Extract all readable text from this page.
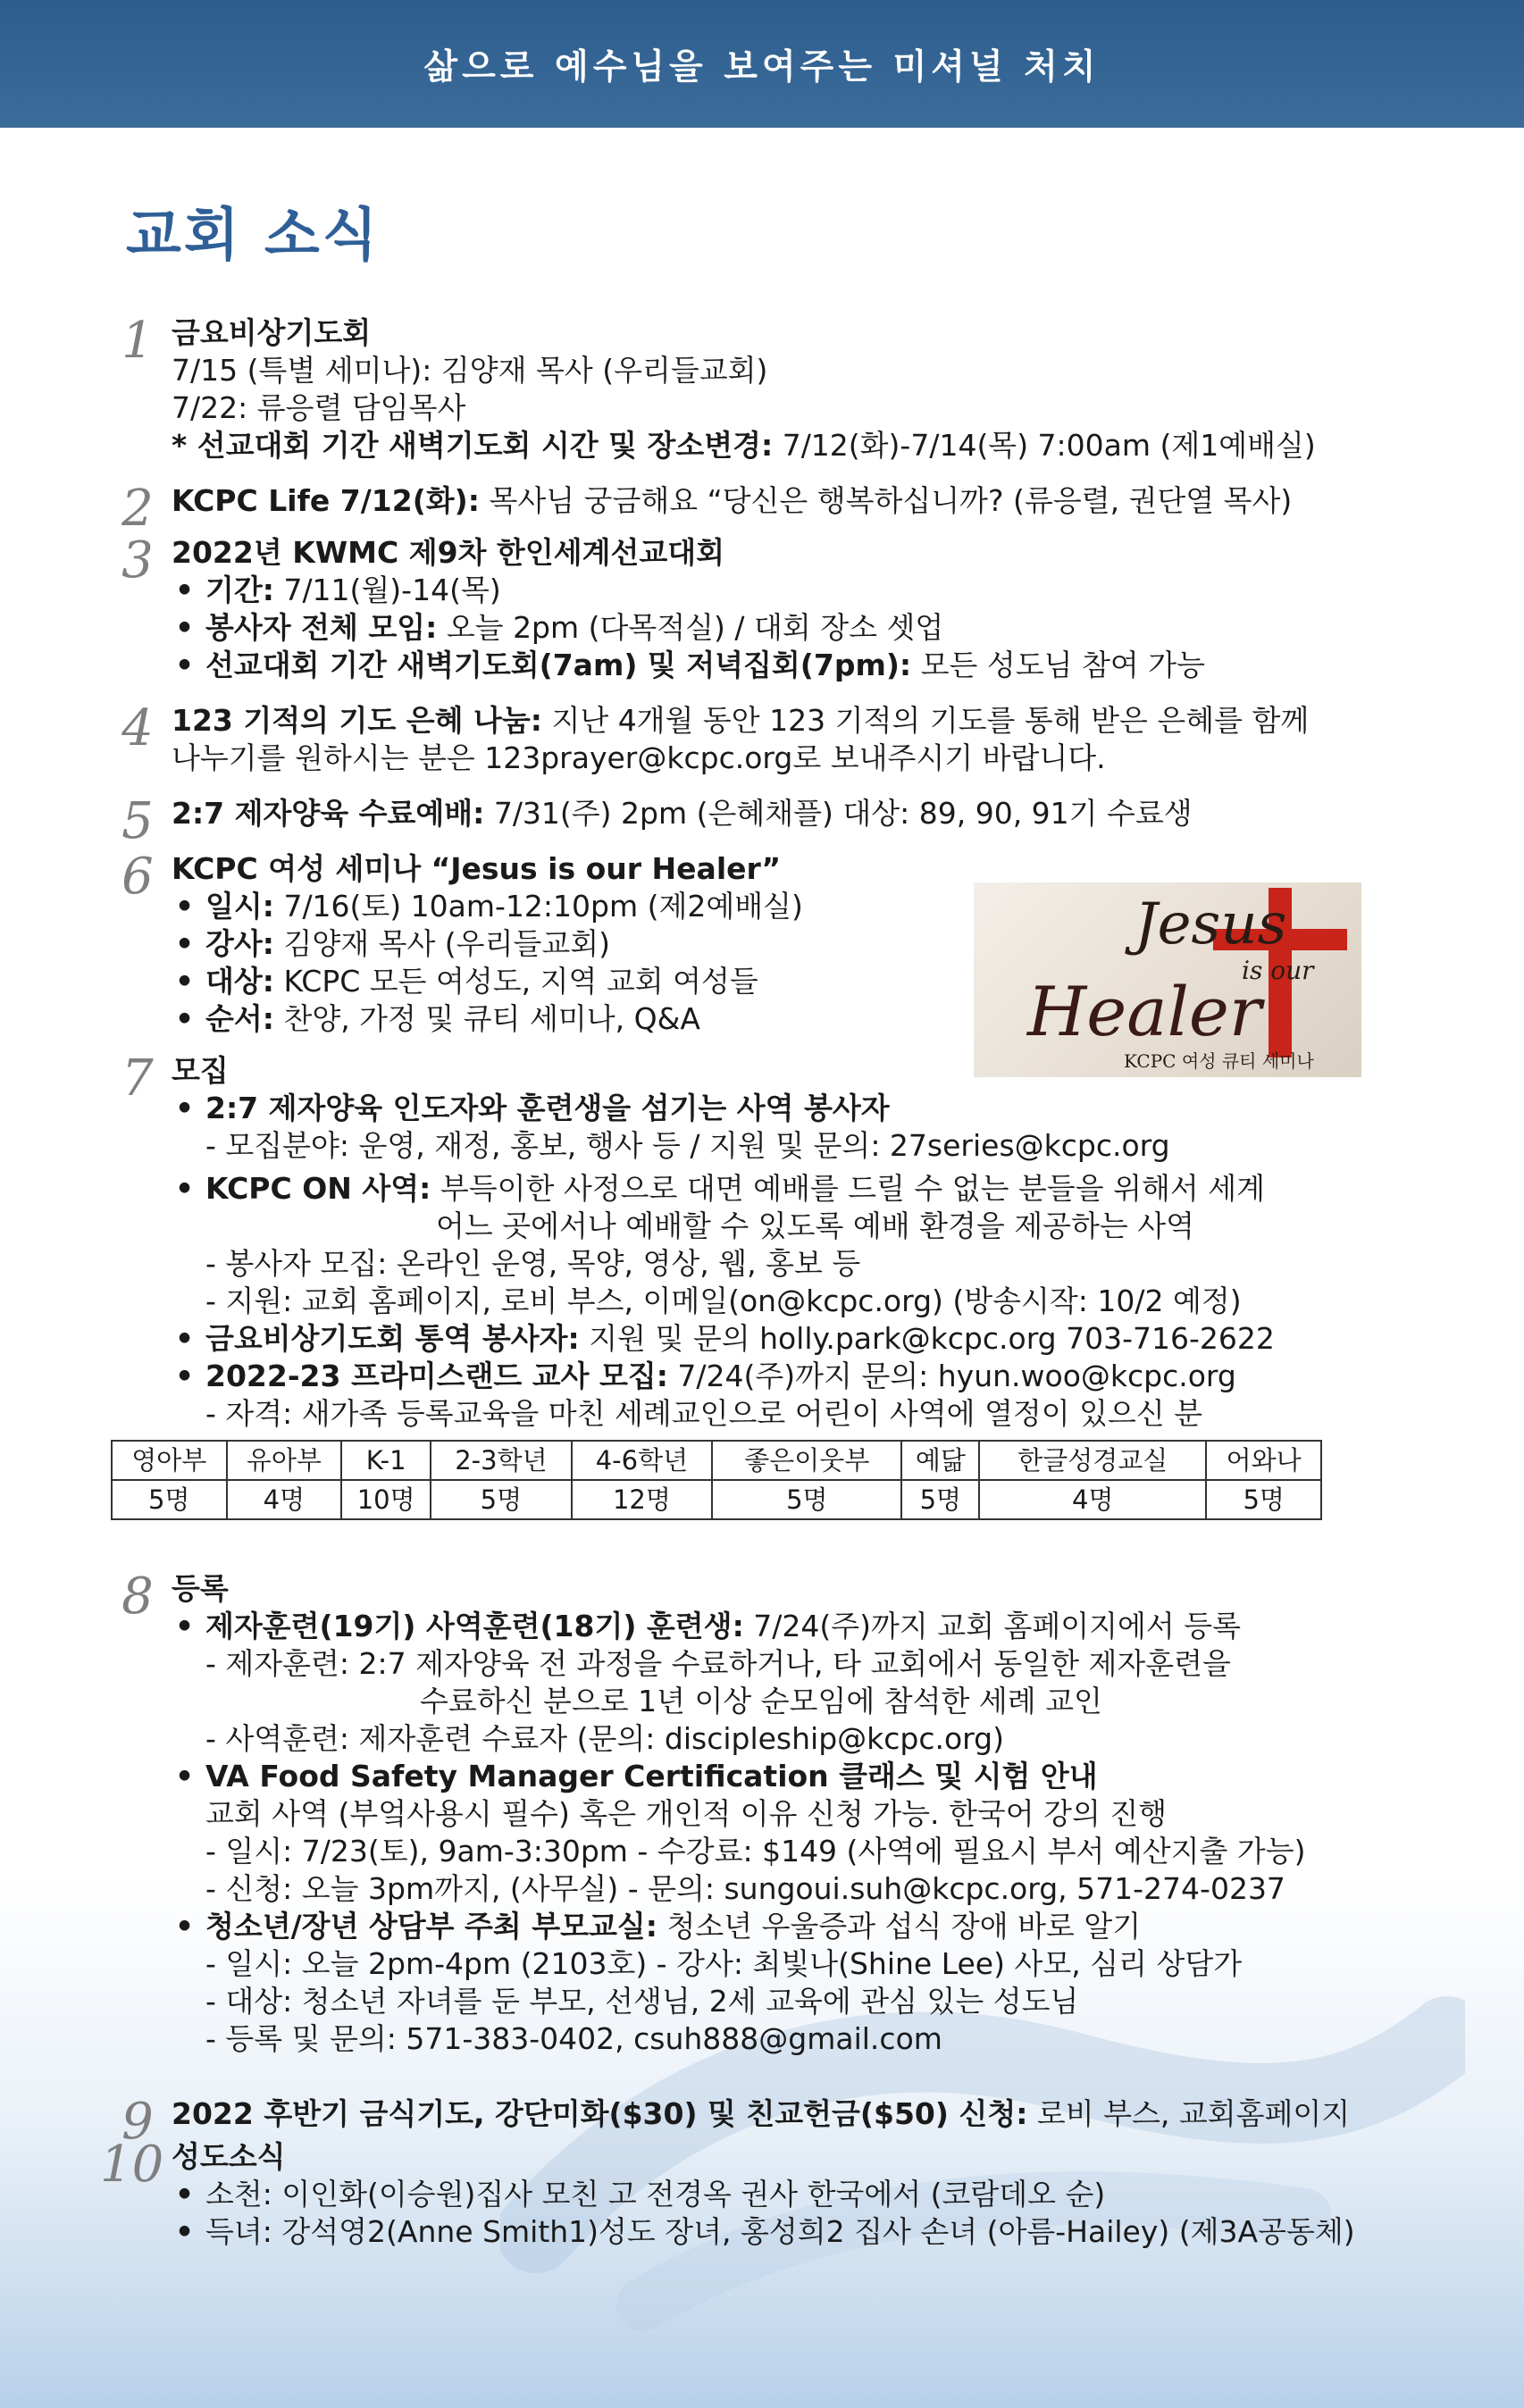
삶으로 예수님을 보여주는 미셔널 처치
교회 소식
Jesus
is our
Healer
KCPC 여성 큐티 세미나
1 금요비상기도회
7/15 (특별 세미나): 김양재 목사 (우리들교회)
7/22: 류응렬 담임목사
* 선교대회 기간 새벽기도회 시간 및 장소변경: 7/12(화)-7/14(목) 7:00am (제1예배실)
2 KCPC Life 7/12(화): 목사님 궁금해요 “당신은 행복하십니까? (류응렬, 권단열 목사)
3 2022년 KWMC 제9차 한인세계선교대회
• 기간: 7/11(월)-14(목)
• 봉사자 전체 모임: 오늘 2pm (다목적실) / 대회 장소 셋업
• 선교대회 기간 새벽기도회(7am) 및 저녁집회(7pm): 모든 성도님 참여 가능
4 123 기적의 기도 은혜 나눔: 지난 4개월 동안 123 기적의 기도를 통해 받은 은혜를 함께
나누기를 원하시는 분은 123prayer@kcpc.org로 보내주시기 바랍니다.
5 2:7 제자양육 수료예배: 7/31(주) 2pm (은혜채플) 대상: 89, 90, 91기 수료생
6 KCPC 여성 세미나 “Jesus is our Healer”
• 일시: 7/16(토) 10am-12:10pm (제2예배실)
• 강사: 김양재 목사 (우리들교회)
• 대상: KCPC 모든 여성도, 지역 교회 여성들
• 순서: 찬양, 가정 및 큐티 세미나, Q&A
7 모집
• 2:7 제자양육 인도자와 훈련생을 섬기는 사역 봉사자
- 모집분야: 운영, 재정, 홍보, 행사 등 / 지원 및 문의: 27series@kcpc.org
• KCPC ON 사역: 부득이한 사정으로 대면 예배를 드릴 수 없는 분들을 위해서 세계
어느 곳에서나 예배할 수 있도록 예배 환경을 제공하는 사역
- 봉사자 모집: 온라인 운영, 목양, 영상, 웹, 홍보 등
- 지원: 교회 홈페이지, 로비 부스, 이메일(on@kcpc.org) (방송시작: 10/2 예정)
• 금요비상기도회 통역 봉사자: 지원 및 문의 holly.park@kcpc.org 703-716-2622
• 2022-23 프라미스랜드 교사 모집: 7/24(주)까지 문의: hyun.woo@kcpc.org
- 자격: 새가족 등록교육을 마친 세례교인으로 어린이 사역에 열정이 있으신 분
영아부	유아부	K-1	2-3학년	4-6학년	좋은이웃부	예닮	한글성경교실	어와나
5명	4명	10명	5명	12명	5명	5명	4명	5명
8 등록
• 제자훈련(19기) 사역훈련(18기) 훈련생: 7/24(주)까지 교회 홈페이지에서 등록
- 제자훈련: 2:7 제자양육 전 과정을 수료하거나, 타 교회에서 동일한 제자훈련을
수료하신 분으로 1년 이상 순모임에 참석한 세례 교인
- 사역훈련: 제자훈련 수료자 (문의: discipleship@kcpc.org)
• VA Food Safety Manager Certification 클래스 및 시험 안내
교회 사역 (부엌사용시 필수) 혹은 개인적 이유 신청 가능. 한국어 강의 진행
- 일시: 7/23(토), 9am-3:30pm - 수강료: $149 (사역에 필요시 부서 예산지출 가능)
- 신청: 오늘 3pm까지, (사무실) - 문의: sungoui.suh@kcpc.org, 571-274-0237
• 청소년/장년 상담부 주최 부모교실: 청소년 우울증과 섭식 장애 바로 알기
- 일시: 오늘 2pm-4pm (2103호) - 강사: 최빛나(Shine Lee) 사모, 심리 상담가
- 대상: 청소년 자녀를 둔 부모, 선생님, 2세 교육에 관심 있는 성도님
- 등록 및 문의: 571-383-0402, csuh888@gmail.com
9 2022 후반기 금식기도, 강단미화($30) 및 친교헌금($50) 신청: 로비 부스, 교회홈페이지
10 성도소식
• 소천: 이인화(이승원)집사 모친 고 전경옥 권사 한국에서 (코람데오 순)
• 득녀: 강석영2(Anne Smith1)성도 장녀, 홍성희2 집사 손녀 (아름-Hailey) (제3A공동체)
